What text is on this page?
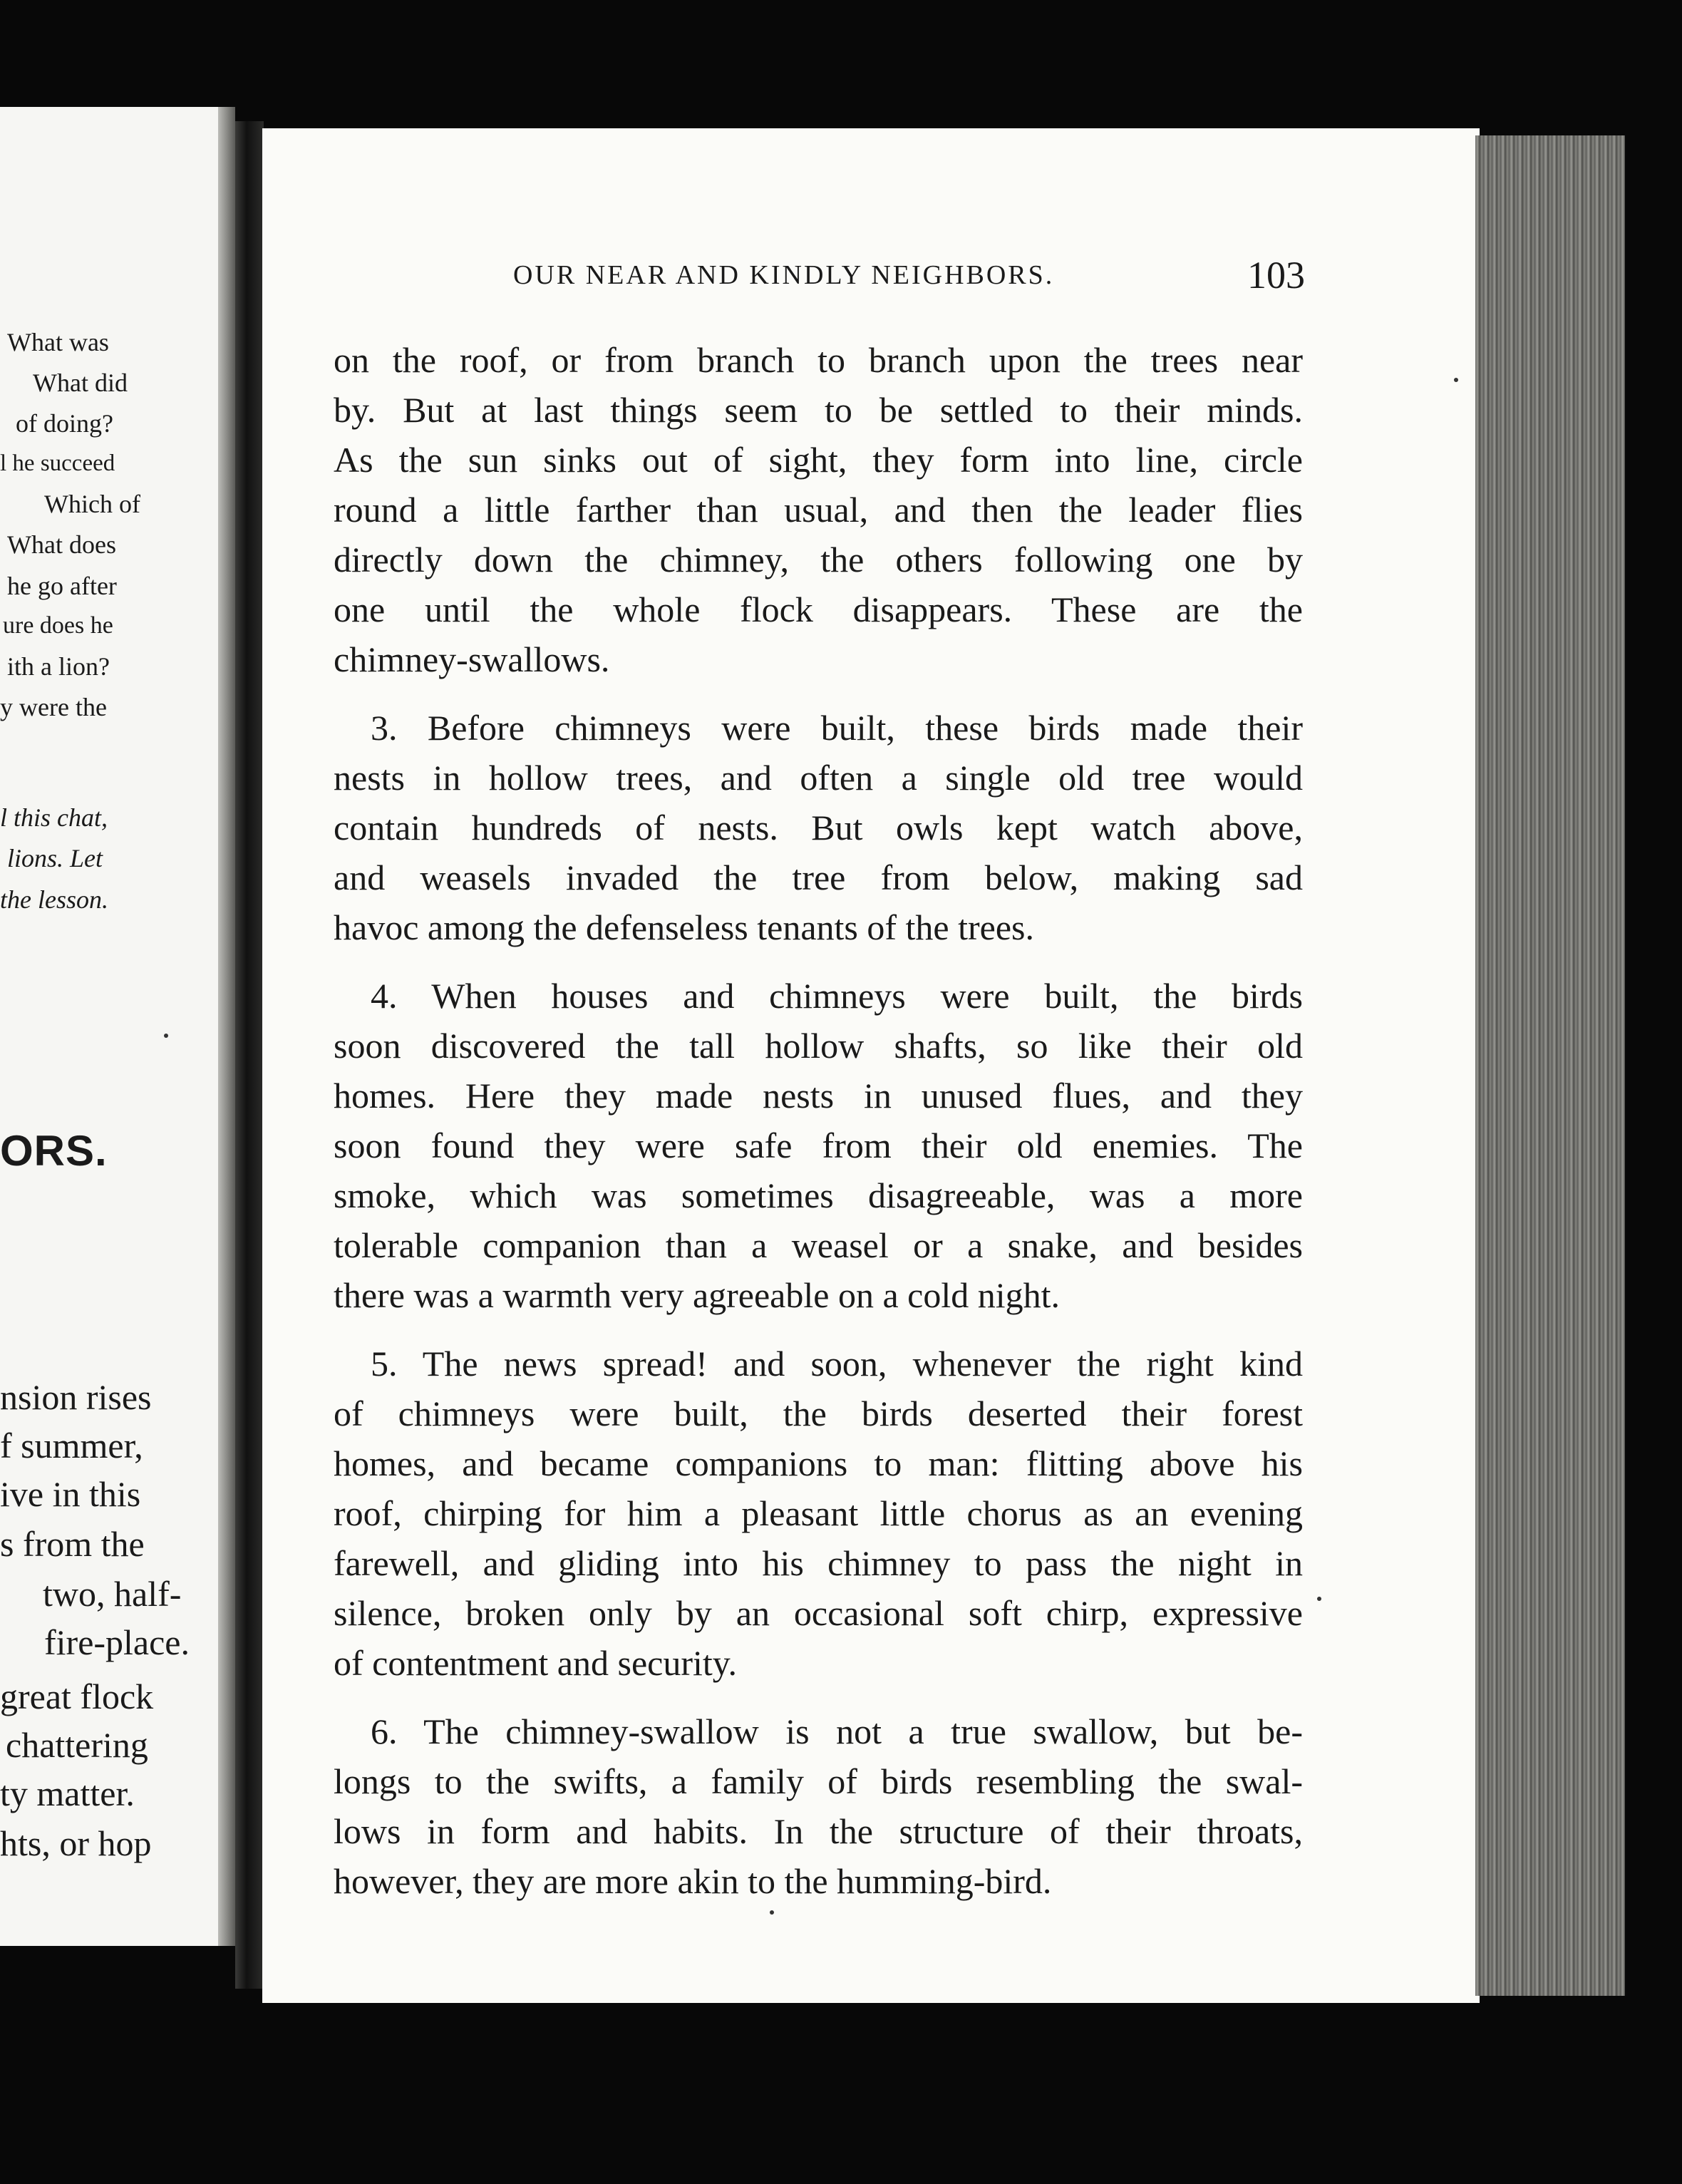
What was
What did
of doing?
l he succeed
Which of
What does
he go after
ure does he
ith a lion?
y were the
l this chat,
lions. Let
the lesson.
ORS.
nsion rises
f summer,
ive in this
s from the
two, half-
fire-place.
great flock
chattering
ty matter.
hts, or hop
OUR NEAR AND KINDLY NEIGHBORS.	103

on the roof, or from branch to branch upon the trees near
by. But at last things seem to be settled to their minds.
As the sun sinks out of sight, they form into line, circle
round a little farther than usual, and then the leader flies
directly down the chimney, the others following one by
one until the whole flock disappears. These are the
chimney-swallows.

3. Before chimneys were built, these birds made their
nests in hollow trees, and often a single old tree would
contain hundreds of nests. But owls kept watch above,
and weasels invaded the tree from below, making sad
havoc among the defenseless tenants of the trees.

4. When houses and chimneys were built, the birds
soon discovered the tall hollow shafts, so like their old
homes. Here they made nests in unused flues, and they
soon found they were safe from their old enemies. The
smoke, which was sometimes disagreeable, was a more
tolerable companion than a weasel or a snake, and besides
there was a warmth very agreeable on a cold night.

5. The news spread! and soon, whenever the right kind
of chimneys were built, the birds deserted their forest
homes, and became companions to man: flitting above his
roof, chirping for him a pleasant little chorus as an evening
farewell, and gliding into his chimney to pass the night in
silence, broken only by an occasional soft chirp, expressive
of contentment and security.

6. The chimney-swallow is not a true swallow, but be-
longs to the swifts, a family of birds resembling the swal-
lows in form and habits. In the structure of their throats,
however, they are more akin to the humming-bird.
